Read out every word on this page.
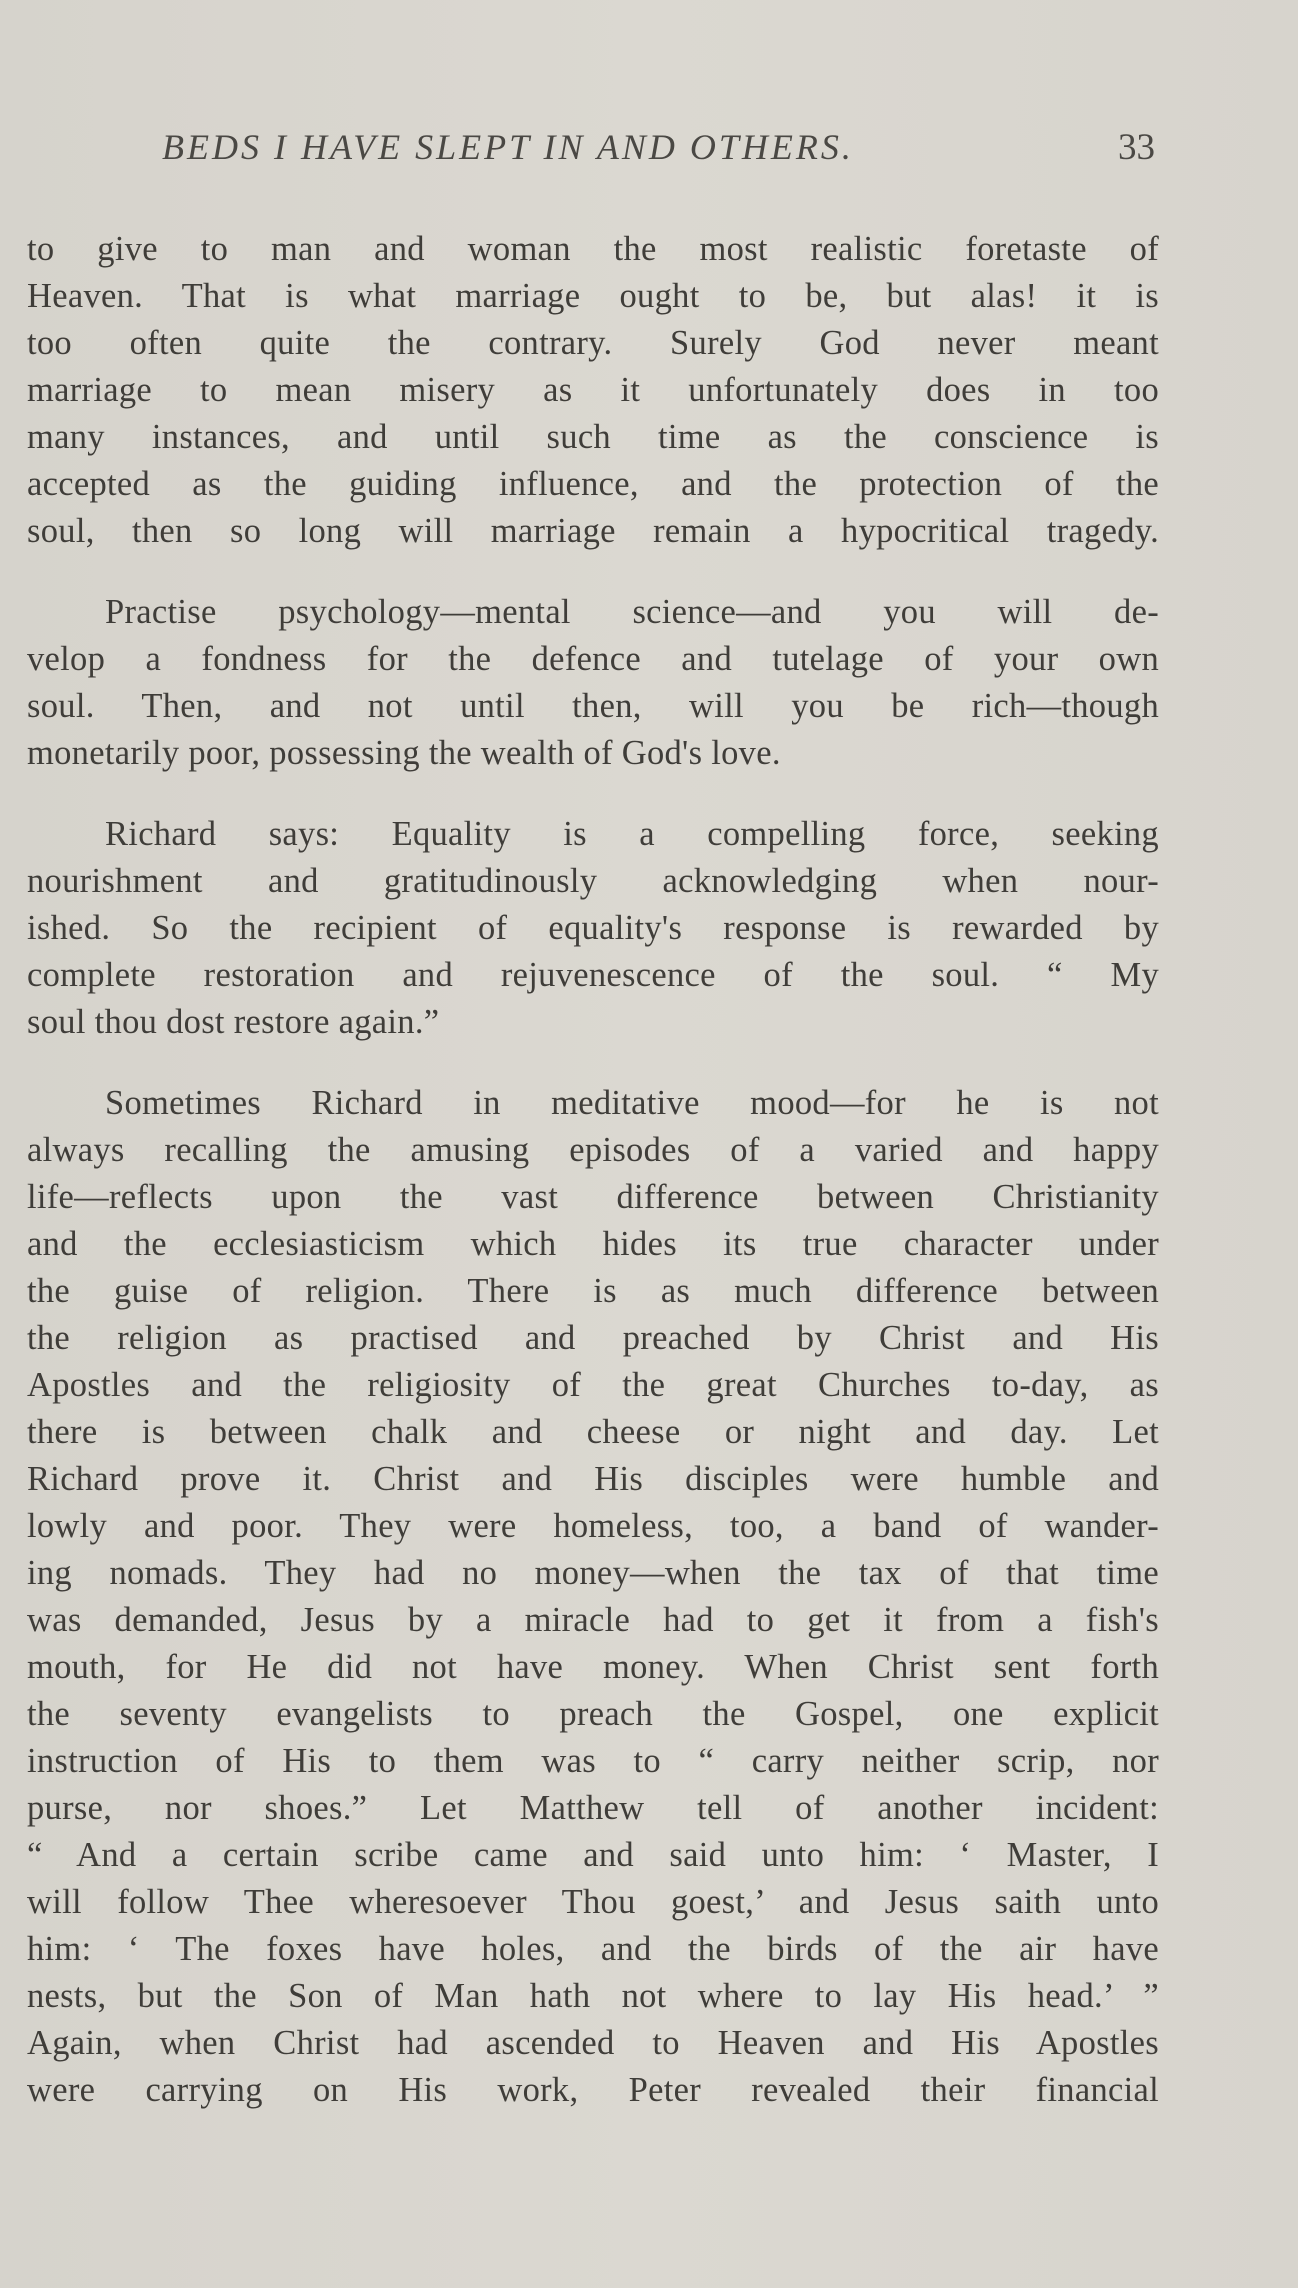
BEDS I HAVE SLEPT IN AND OTHERS.	33
to give to man and woman the most realistic foretaste of
Heaven. That is what marriage ought to be, but alas! it is
too often quite the contrary. Surely God never meant
marriage to mean misery as it unfortunately does in too
many instances, and until such time as the conscience is
accepted as the guiding influence, and the protection of the
soul, then so long will marriage remain a hypocritical tragedy.
Practise psychology—mental science—and you will de-
velop a fondness for the defence and tutelage of your own
soul. Then, and not until then, will you be rich—though
monetarily poor, possessing the wealth of God's love.
Richard says: Equality is a compelling force, seeking
nourishment and gratitudinously acknowledging when nour-
ished. So the recipient of equality's response is rewarded by
complete restoration and rejuvenescence of the soul. “ My
soul thou dost restore again.”
Sometimes Richard in meditative mood—for he is not
always recalling the amusing episodes of a varied and happy
life—reflects upon the vast difference between Christianity
and the ecclesiasticism which hides its true character under
the guise of religion. There is as much difference between
the religion as practised and preached by Christ and His
Apostles and the religiosity of the great Churches to-day, as
there is between chalk and cheese or night and day. Let
Richard prove it. Christ and His disciples were humble and
lowly and poor. They were homeless, too, a band of wander-
ing nomads. They had no money—when the tax of that time
was demanded, Jesus by a miracle had to get it from a fish's
mouth, for He did not have money. When Christ sent forth
the seventy evangelists to preach the Gospel, one explicit
instruction of His to them was to “ carry neither scrip, nor
purse, nor shoes.” Let Matthew tell of another incident:
“ And a certain scribe came and said unto him: ‘ Master, I
will follow Thee wheresoever Thou goest,’ and Jesus saith unto
him: ‘ The foxes have holes, and the birds of the air have
nests, but the Son of Man hath not where to lay His head.’ ”
Again, when Christ had ascended to Heaven and His Apostles
were carrying on His work, Peter revealed their financial
